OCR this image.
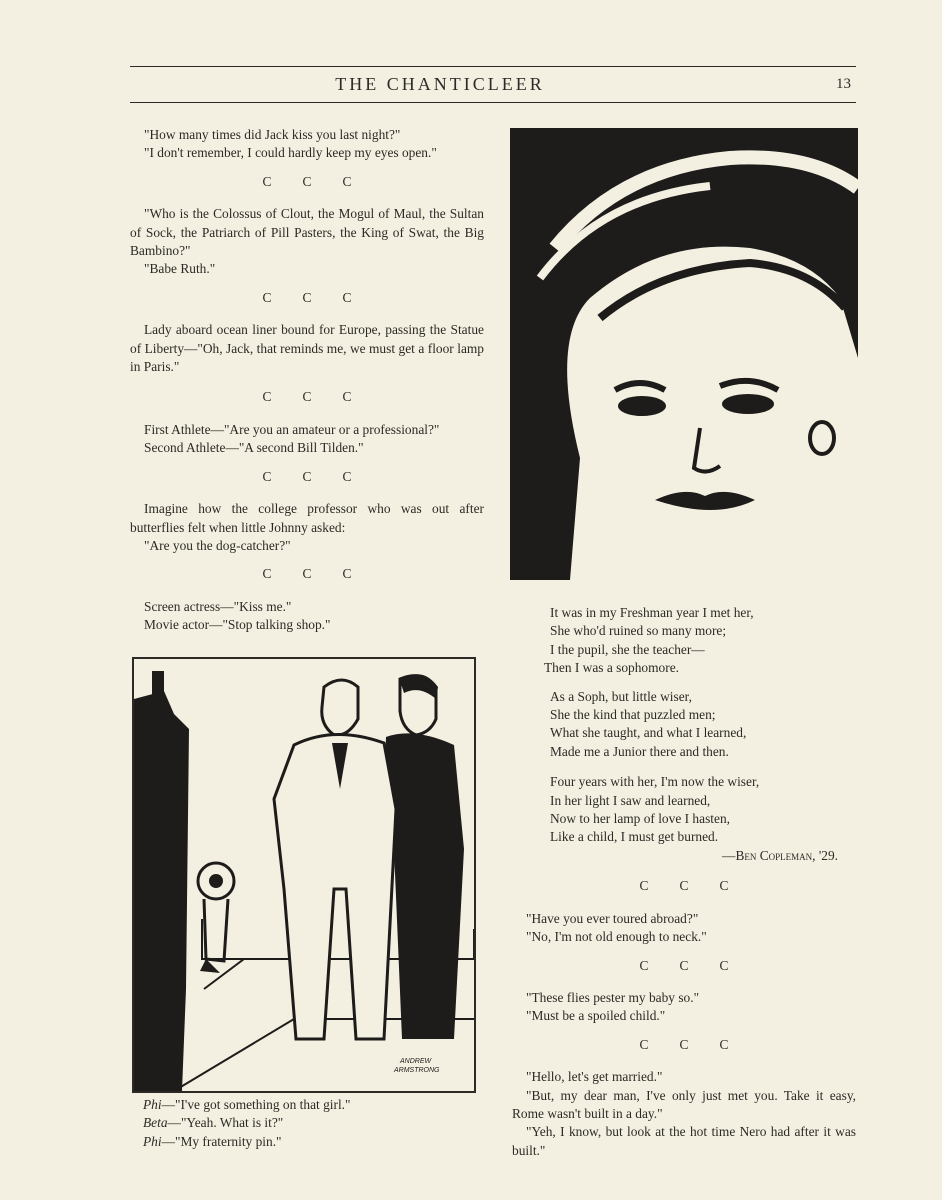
THE CHANTICLEER	13

"How many times did Jack kiss you last night?"

"I don't remember, I could hardly keep my eyes open."

C C C

"Who is the Colossus of Clout, the Mogul of Maul, the Sultan of Sock, the Patriarch of Pill Pasters, the King of Swat, the Big Bambino?"

"Babe Ruth."

C C C

Lady aboard ocean liner bound for Europe, passing the Statue of Liberty—"Oh, Jack, that reminds me, we must get a floor lamp in Paris."

C C C

First Athlete—"Are you an amateur or a professional?"

Second Athlete—"A second Bill Tilden."

C C C

Imagine how the college professor who was out after butterflies felt when little Johnny asked:

"Are you the dog-catcher?"

C C C

Screen actress—"Kiss me."

Movie actor—"Stop talking shop."

ANDREW
ARMSTRONG

Phi—"I've got something on that girl."

Beta—"Yeah. What is it?"

Phi—"My fraternity pin."

It was in my Freshman year I met her,

She who'd ruined so many more;

I the pupil, she the teacher—

Then I was a sophomore.

As a Soph, but little wiser,

She the kind that puzzled men;

What she taught, and what I learned,

Made me a Junior there and then.

Four years with her, I'm now the wiser,

In her light I saw and learned,

Now to her lamp of love I hasten,

Like a child, I must get burned.

—Ben Copleman, '29.

C C C

"Have you ever toured abroad?"

"No, I'm not old enough to neck."

C C C

"These flies pester my baby so."

"Must be a spoiled child."

C C C

"Hello, let's get married."

"But, my dear man, I've only just met you. Take it easy, Rome wasn't built in a day."

"Yeh, I know, but look at the hot time Nero had after it was built."
